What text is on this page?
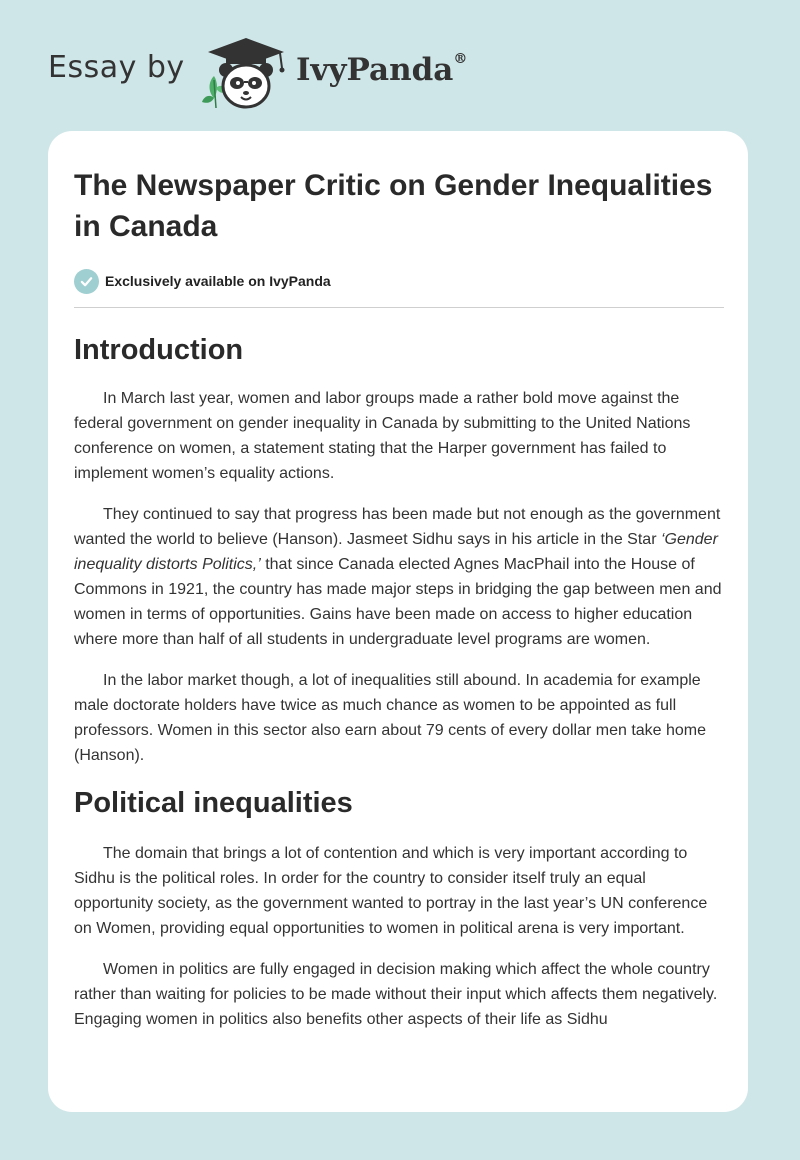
Essay by	IvyPanda®
The Newspaper Critic on Gender Inequalities in Canada
Exclusively available on IvyPanda
Introduction

In March last year, women and labor groups made a rather bold move against the federal government on gender inequality in Canada by submitting to the United Nations conference on women, a statement stating that the Harper government has failed to implement women’s equality actions.

They continued to say that progress has been made but not enough as the government wanted the world to believe (Hanson). Jasmeet Sidhu says in his article in the Star ‘Gender inequality distorts Politics,’ that since Canada elected Agnes MacPhail into the House of Commons in 1921, the country has made major steps in bridging the gap between men and women in terms of opportunities. Gains have been made on access to higher education where more than half of all students in undergraduate level programs are women.

In the labor market though, a lot of inequalities still abound. In academia for example male doctorate holders have twice as much chance as women to be appointed as full professors. Women in this sector also earn about 79 cents of every dollar men take home (Hanson).

Political inequalities

The domain that brings a lot of contention and which is very important according to Sidhu is the political roles. In order for the country to consider itself truly an equal opportunity society, as the government wanted to portray in the last year’s UN conference on Women, providing equal opportunities to women in political arena is very important.

Women in politics are fully engaged in decision making which affect the whole country rather than waiting for policies to be made without their input which affects them negatively. Engaging women in politics also benefits other aspects of their life as Sidhu
